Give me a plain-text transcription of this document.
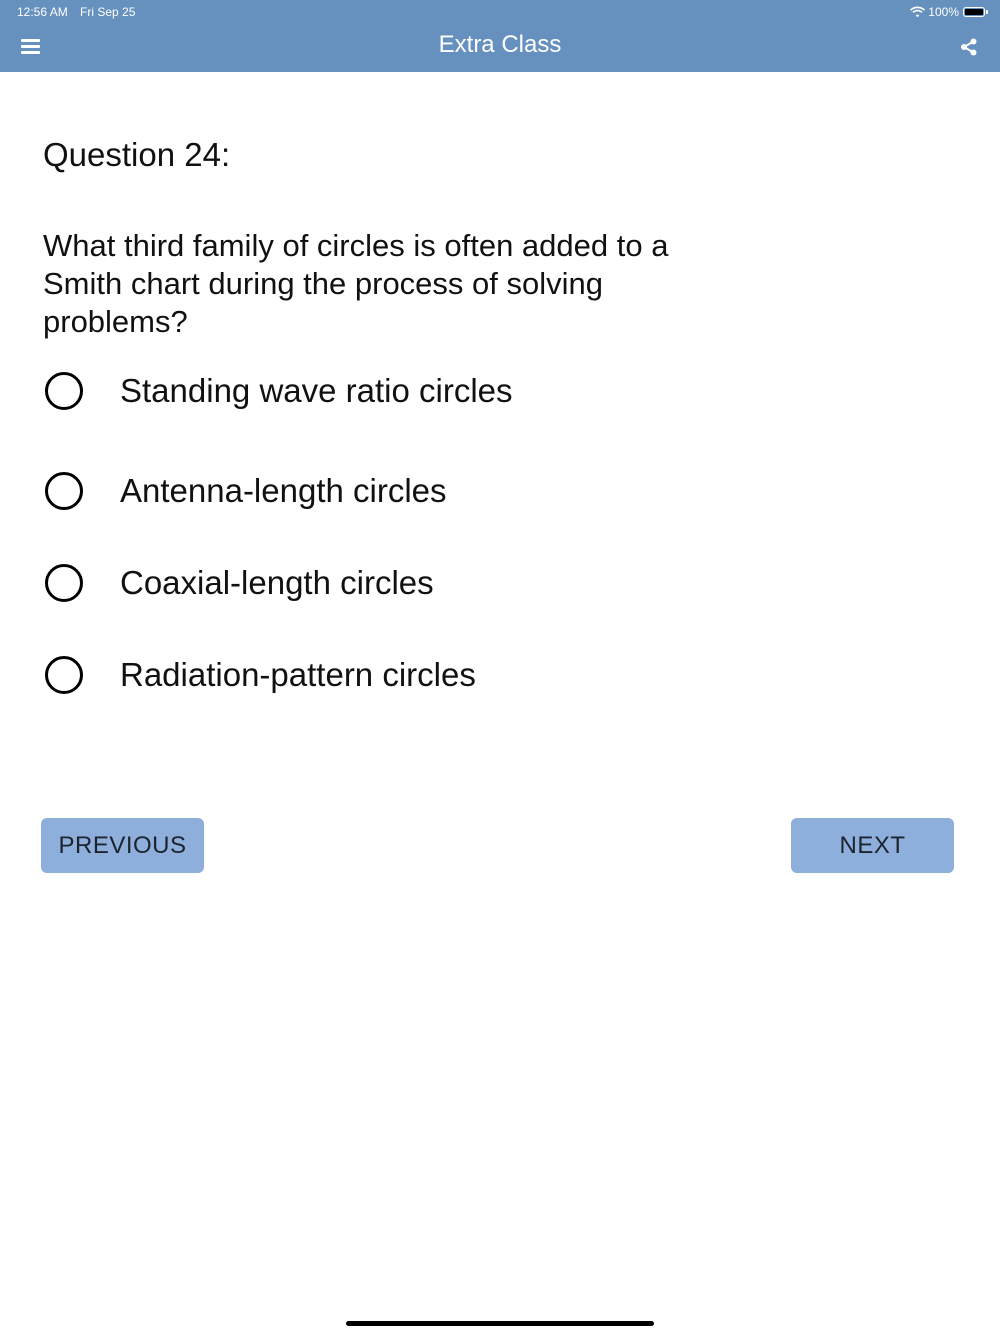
12:56 AM Fri Sep 25	100%
Extra Class
Question 24:
What third family of circles is often added to a Smith chart during the process of solving problems?
Standing wave ratio circles
Antenna-length circles
Coaxial-length circles
Radiation-pattern circles
PREVIOUS	NEXT
